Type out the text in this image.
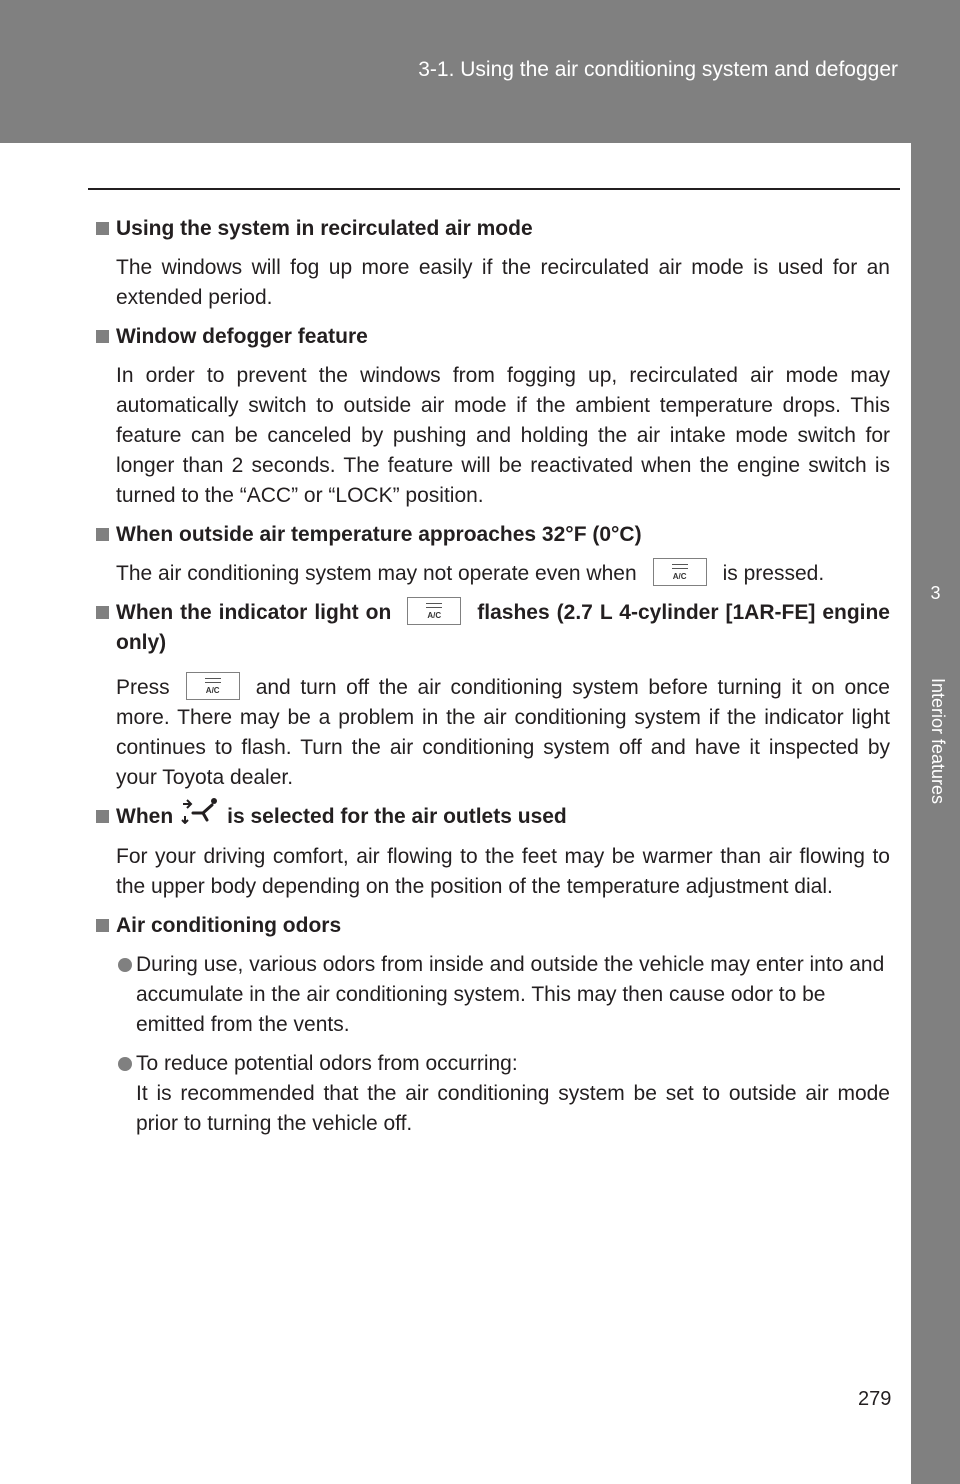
3-1. Using the air conditioning system and defogger
3
Interior features
Using the system in recirculated air mode

The windows will fog up more easily if the recirculated air mode is used for an extended period.

Window defogger feature

In order to prevent the windows from fogging up, recirculated air mode may automatically switch to outside air mode if the ambient temperature drops. This feature can be canceled by pushing and holding the air intake mode switch for longer than 2 seconds. The feature will be reactivated when the engine switch is turned to the “ACC” or “LOCK” position.

When outside air temperature approaches 32°F (0°C)

The air conditioning system may not operate even when	A/C	is pressed.

When the indicator light on	A/C	flashes (2.7 L 4-cylinder [1AR-FE] engine only)

Press	A/C	and turn off the air conditioning system before turning it on once more. There may be a problem in the air conditioning system if the indicator light continues to flash. Turn the air conditioning system off and have it inspected by your Toyota dealer.

When	is selected for the air outlets used

For your driving comfort, air flowing to the feet may be warmer than air flowing to the upper body depending on the position of the temperature adjustment dial.

Air conditioning odors
During use, various odors from inside and outside the vehicle may enter into and accumulate in the air conditioning system. This may then cause odor to be emitted from the vents.
To reduce potential odors from occurring:
It is recommended that the air conditioning system be set to outside air mode prior to turning the vehicle off.
279
